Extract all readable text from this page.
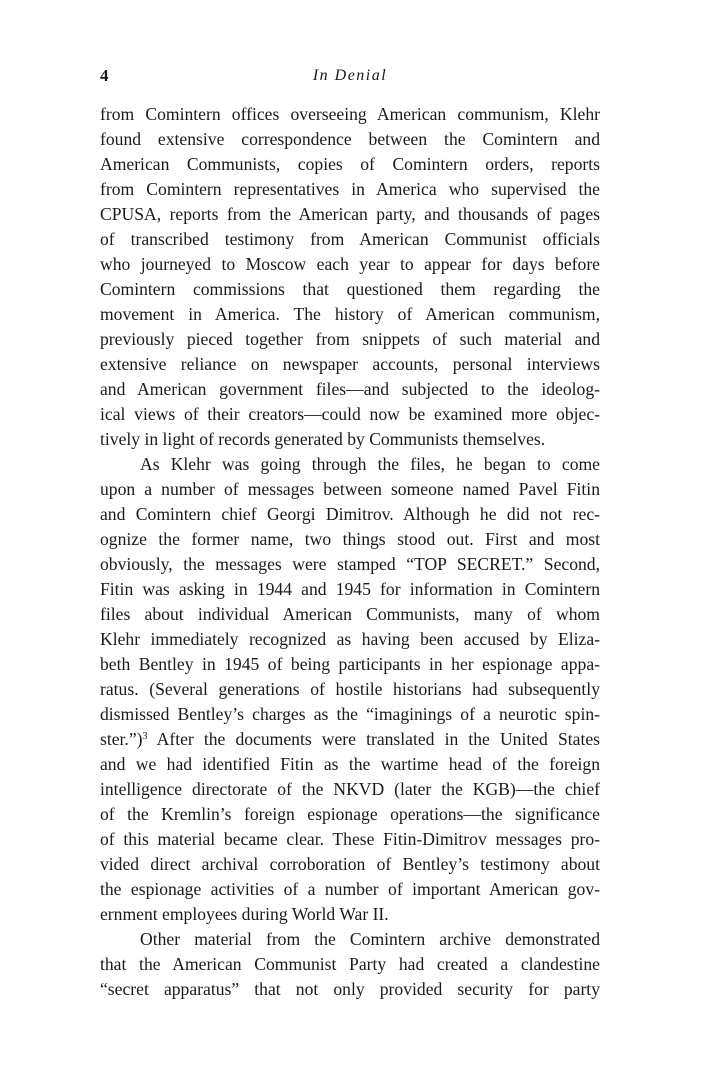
4	In Denial
from Comintern offices overseeing American communism, Klehr
found extensive correspondence between the Comintern and
American Communists, copies of Comintern orders, reports
from Comintern representatives in America who supervised the
CPUSA, reports from the American party, and thousands of pages
of transcribed testimony from American Communist officials
who journeyed to Moscow each year to appear for days before
Comintern commissions that questioned them regarding the
movement in America. The history of American communism,
previously pieced together from snippets of such material and
extensive reliance on newspaper accounts, personal interviews
and American government files—and subjected to the ideolog-
ical views of their creators—could now be examined more objec-
tively in light of records generated by Communists themselves.
As Klehr was going through the files, he began to come
upon a number of messages between someone named Pavel Fitin
and Comintern chief Georgi Dimitrov. Although he did not rec-
ognize the former name, two things stood out. First and most
obviously, the messages were stamped “TOP SECRET.” Second,
Fitin was asking in 1944 and 1945 for information in Comintern
files about individual American Communists, many of whom
Klehr immediately recognized as having been accused by Eliza-
beth Bentley in 1945 of being participants in her espionage appa-
ratus. (Several generations of hostile historians had subsequently
dismissed Bentley’s charges as the “imaginings of a neurotic spin-
ster.”)$^3$ After the documents were translated in the United States
and we had identified Fitin as the wartime head of the foreign
intelligence directorate of the NKVD (later the KGB)—the chief
of the Kremlin’s foreign espionage operations—the significance
of this material became clear. These Fitin-Dimitrov messages pro-
vided direct archival corroboration of Bentley’s testimony about
the espionage activities of a number of important American gov-
ernment employees during World War II.
Other material from the Comintern archive demonstrated
that the American Communist Party had created a clandestine
“secret apparatus” that not only provided security for party
